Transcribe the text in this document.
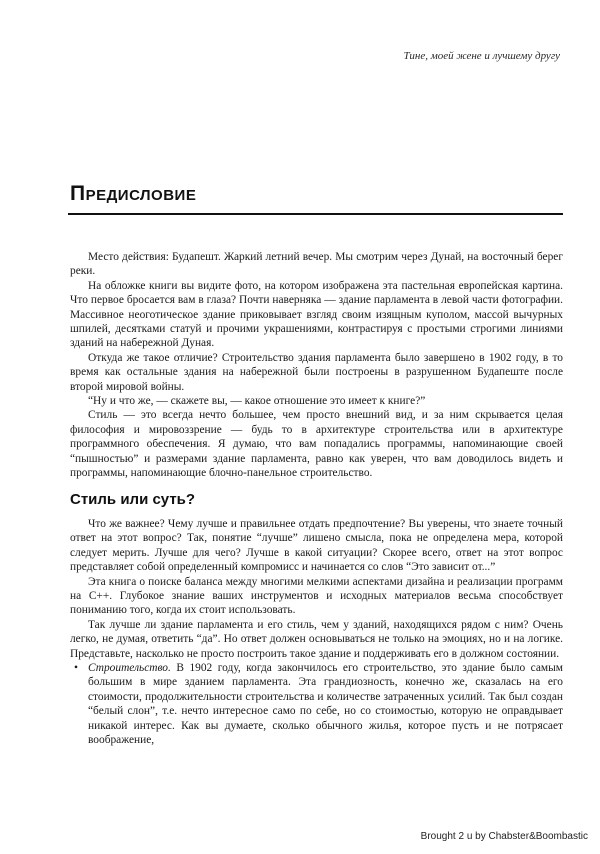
Тине, моей жене и лучшему другу
Предисловие

Место действия: Будапешт. Жаркий летний вечер. Мы смотрим через Дунай, на восточный берег реки.

На обложке книги вы видите фото, на котором изображена эта пастельная европейская картина. Что первое бросается вам в глаза? Почти наверняка — здание парламента в левой части фотографии. Массивное неоготическое здание приковывает взгляд своим изящным куполом, массой вычурных шпилей, десятками статуй и прочими украшениями, контрастируя с простыми строгими линиями зданий на набережной Дуная.

Откуда же такое отличие? Строительство здания парламента было завершено в 1902 году, в то время как остальные здания на набережной были построены в разрушенном Будапеште после второй мировой войны.

“Ну и что же, — скажете вы, — какое отношение это имеет к книге?”

Стиль — это всегда нечто большее, чем просто внешний вид, и за ним скрывается целая философия и мировоззрение — будь то в архитектуре строительства или в архитектуре программного обеспечения. Я думаю, что вам попадались программы, напоминающие своей “пышностью” и размерами здание парламента, равно как уверен, что вам доводилось видеть и программы, напоминающие блочно-панельное строительство.

Стиль или суть?

Что же важнее? Чему лучше и правильнее отдать предпочтение? Вы уверены, что знаете точный ответ на этот вопрос? Так, понятие “лучше” лишено смысла, пока не определена мера, которой следует мерить. Лучше для чего? Лучше в какой ситуации? Скорее всего, ответ на этот вопрос представляет собой определенный компромисс и начинается со слов “Это зависит от...”

Эта книга о поиске баланса между многими мелкими аспектами дизайна и реализации программ на С++. Глубокое знание ваших инструментов и исходных материалов весьма способствует пониманию того, когда их стоит использовать.

Так лучше ли здание парламента и его стиль, чем у зданий, находящихся рядом с ним? Очень легко, не думая, ответить “да”. Но ответ должен основываться не только на эмоциях, но и на логике. Представьте, насколько не просто построить такое здание и поддерживать его в должном состоянии.

• Строительство. В 1902 году, когда закончилось его строительство, это здание было самым большим в мире зданием парламента. Эта грандиозность, конечно же, сказалась на его стоимости, продолжительности строительства и количестве затраченных усилий. Так был создан “белый слон”, т.е. нечто интересное само по себе, но со стоимостью, которую не оправдывает никакой интерес. Как вы думаете, сколько обычного жилья, которое пусть и не потрясает воображение,

Brought 2 u by Chabster&Boombastic
